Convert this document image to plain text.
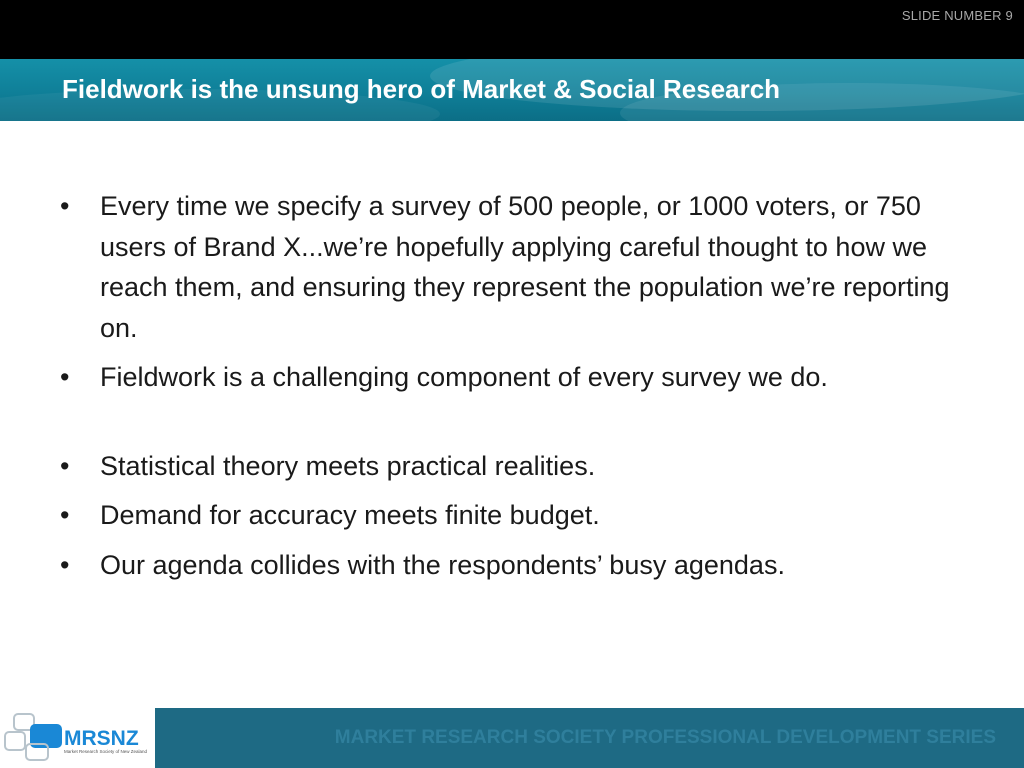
SLIDE NUMBER 9
Fieldwork is the unsung hero of Market & Social Research
• Every time we specify a survey of 500 people, or 1000 voters, or 750 users of Brand X...we’re hopefully applying careful thought to how we reach them, and ensuring they represent the population we’re reporting on.
• Fieldwork is a challenging component of every survey we do.
• Statistical theory meets practical realities.
• Demand for accuracy meets finite budget.
• Our agenda collides with the respondents’ busy agendas.
MRSNZ
Market Research Society of New Zealand
MARKET RESEARCH SOCIETY PROFESSIONAL DEVELOPMENT SERIES
